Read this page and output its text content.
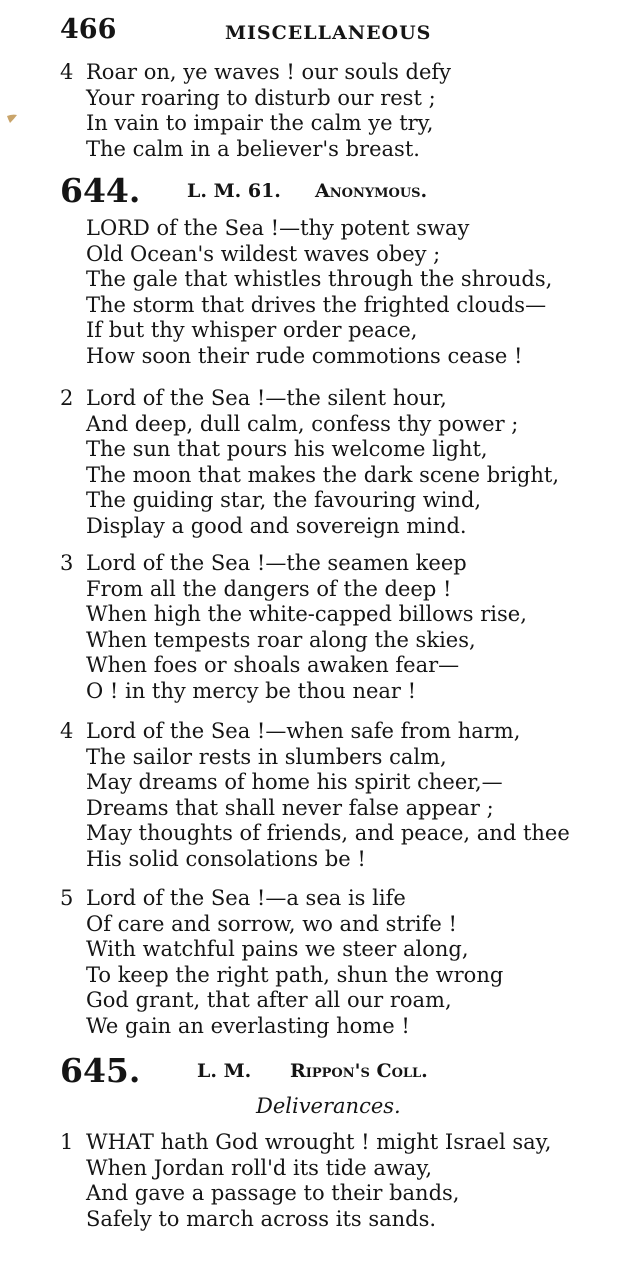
466	MISCELLANEOUS
4 Roar on, ye waves ! our souls defy
Your roaring to disturb our rest ;
In vain to impair the calm ye try,
The calm in a believer's breast.
644. L. M. 61. Anonymous.
LORD of the Sea !—thy potent sway
Old Ocean's wildest waves obey ;
The gale that whistles through the shrouds,
The storm that drives the frighted clouds—
If but thy whisper order peace,
How soon their rude commotions cease !
2 Lord of the Sea !—the silent hour,
And deep, dull calm, confess thy power ;
The sun that pours his welcome light,
The moon that makes the dark scene bright,
The guiding star, the favouring wind,
Display a good and sovereign mind.
3 Lord of the Sea !—the seamen keep
From all the dangers of the deep !
When high the white-capped billows rise,
When tempests roar along the skies,
When foes or shoals awaken fear—
O ! in thy mercy be thou near !
4 Lord of the Sea !—when safe from harm,
The sailor rests in slumbers calm,
May dreams of home his spirit cheer,—
Dreams that shall never false appear ;
May thoughts of friends, and peace, and thee
His solid consolations be !
5 Lord of the Sea !—a sea is life
Of care and sorrow, wo and strife !
With watchful pains we steer along,
To keep the right path, shun the wrong
God grant, that after all our roam,
We gain an everlasting home !
645.	L. M. Rippon's Coll.
Deliverances.
1 WHAT hath God wrought ! might Israel say,
When Jordan roll'd its tide away,
And gave a passage to their bands,
Safely to march across its sands.
